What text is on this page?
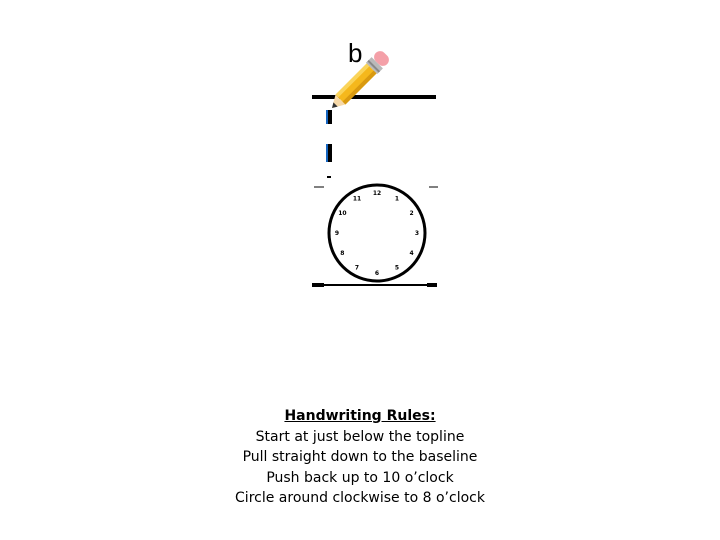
b
12
1
2
3
4
5
6
7
8
9
10
11
Handwriting Rules:
Start at just below the topline
Pull straight down to the baseline
Push back up to 10 o’clock
Circle around clockwise to 8 o’clock
